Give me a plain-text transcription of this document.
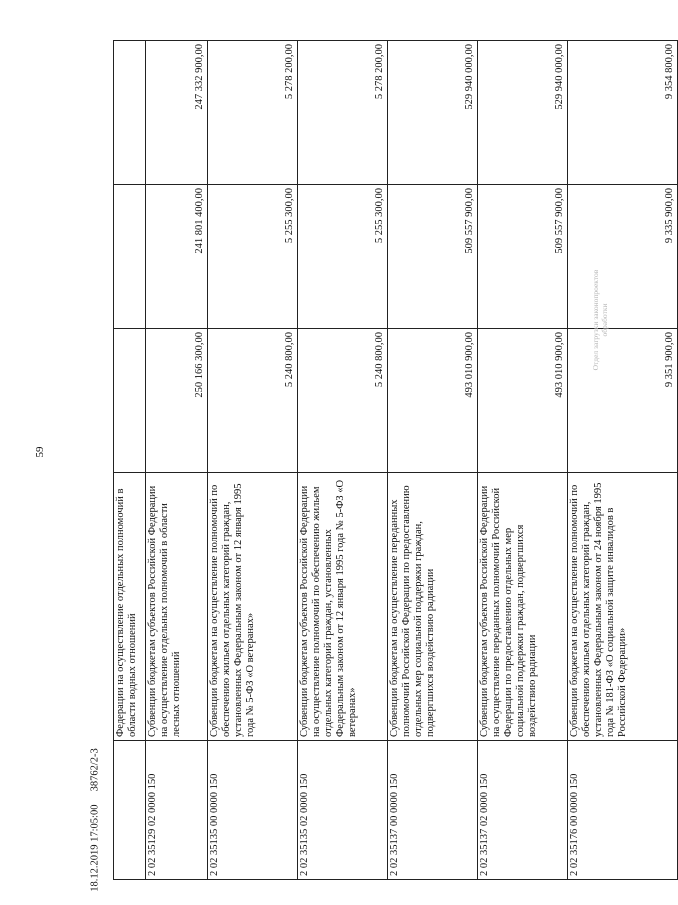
59
	Федерации на осуществление отдельных полномочий в области водных отношений			
2 02 35129 02 0000 150	Субвенции бюджетам субъектов Российской Федерации на осуществление отдельных полномочий в области лесных отношений	250 166 300,00	241 801 400,00	247 332 900,00
2 02 35135 00 0000 150	Субвенции бюджетам на осуществление полномочий по обеспечению жильем отдельных категорий граждан, установленных Федеральным законом от 12 января 1995 года № 5-ФЗ «О ветеранах»	5 240 800,00	5 255 300,00	5 278 200,00
2 02 35135 02 0000 150	Субвенции бюджетам субъектов Российской Федерации на осуществление полномочий по обеспечению жильем отдельных категорий граждан, установленных Федеральным законом от 12 января 1995 года № 5-ФЗ «О ветеранах»	5 240 800,00	5 255 300,00	5 278 200,00
2 02 35137 00 0000 150	Субвенции бюджетам на осуществление переданных полномочий Российской Федерации по предоставлению отдельных мер социальной поддержки граждан, подвергшихся воздействию радиации	493 010 900,00	509 557 900,00	529 940 000,00
2 02 35137 02 0000 150	Субвенции бюджетам субъектов Российской Федерации на осуществление переданных полномочий Российской Федерации по предоставлению отдельных мер социальной поддержки граждан, подвергшихся воздействию радиации	493 010 900,00	509 557 900,00	529 940 000,00
2 02 35176 00 0000 150	Субвенции бюджетам на осуществление полномочий по обеспечению жильем отдельных категорий граждан, установленных Федеральным законом от 24 ноября 1995 года № 181-ФЗ «О социальной защите инвалидов в Российской Федерации»	9 351 900,00	9 335 900,00	9 354 800,00
18.12.2019 17:05:00     38762/2-3
Отдел загрузки законопроектов обработки
